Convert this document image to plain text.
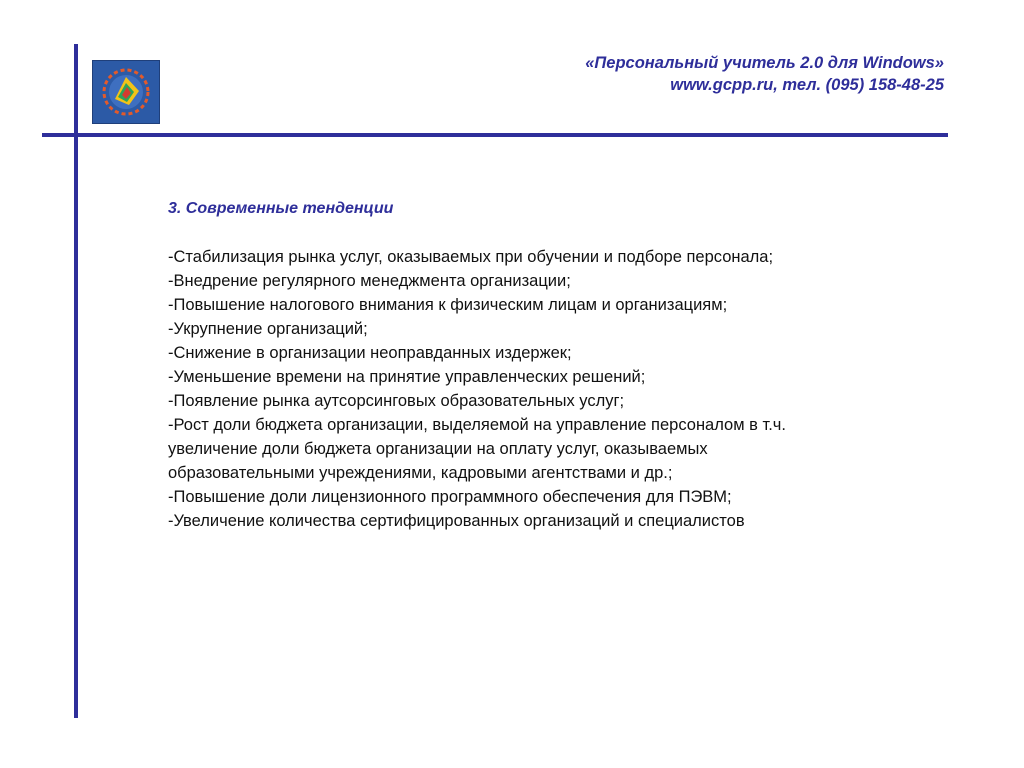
«Персональный учитель 2.0 для Windows»
www.gcpp.ru, тел. (095) 158-48-25
3. Современные тенденции
-Стабилизация рынка услуг, оказываемых при обучении и подборе персонала;
-Внедрение регулярного менеджмента организации;
-Повышение налогового внимания к физическим лицам и организациям;
-Укрупнение организаций;
-Снижение в организации неоправданных издержек;
-Уменьшение времени на принятие управленческих решений;
-Появление рынка аутсорсинговых образовательных услуг;
-Рост доли бюджета организации, выделяемой на управление персоналом в т.ч.
увеличение доли бюджета организации на оплату услуг, оказываемых
образовательными учреждениями, кадровыми агентствами и др.;
-Повышение доли лицензионного программного обеспечения для ПЭВМ;
-Увеличение количества сертифицированных организаций и специалистов
